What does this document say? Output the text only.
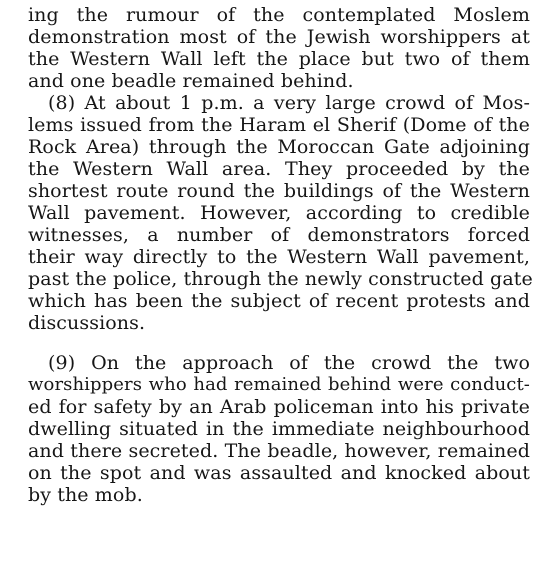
ing the rumour of the contemplated Moslem
demonstration most of the Jewish worshippers at
the Western Wall left the place but two of them
and one beadle remained behind.
(8) At about 1 p.m. a very large crowd of Mos-
lems issued from the Haram el Sherif (Dome of the
Rock Area) through the Moroccan Gate adjoining
the Western Wall area. They proceeded by the
shortest route round the buildings of the Western
Wall pavement. However, according to credible
witnesses, a number of demonstrators forced
their way directly to the Western Wall pavement,
past the police, through the newly constructed gate
which has been the subject of recent protests and
discussions.
(9) On the approach of the crowd the two
worshippers who had remained behind were conduct-
ed for safety by an Arab policeman into his private
dwelling situated in the immediate neighbourhood
and there secreted. The beadle, however, remained
on the spot and was assaulted and knocked about
by the mob.
